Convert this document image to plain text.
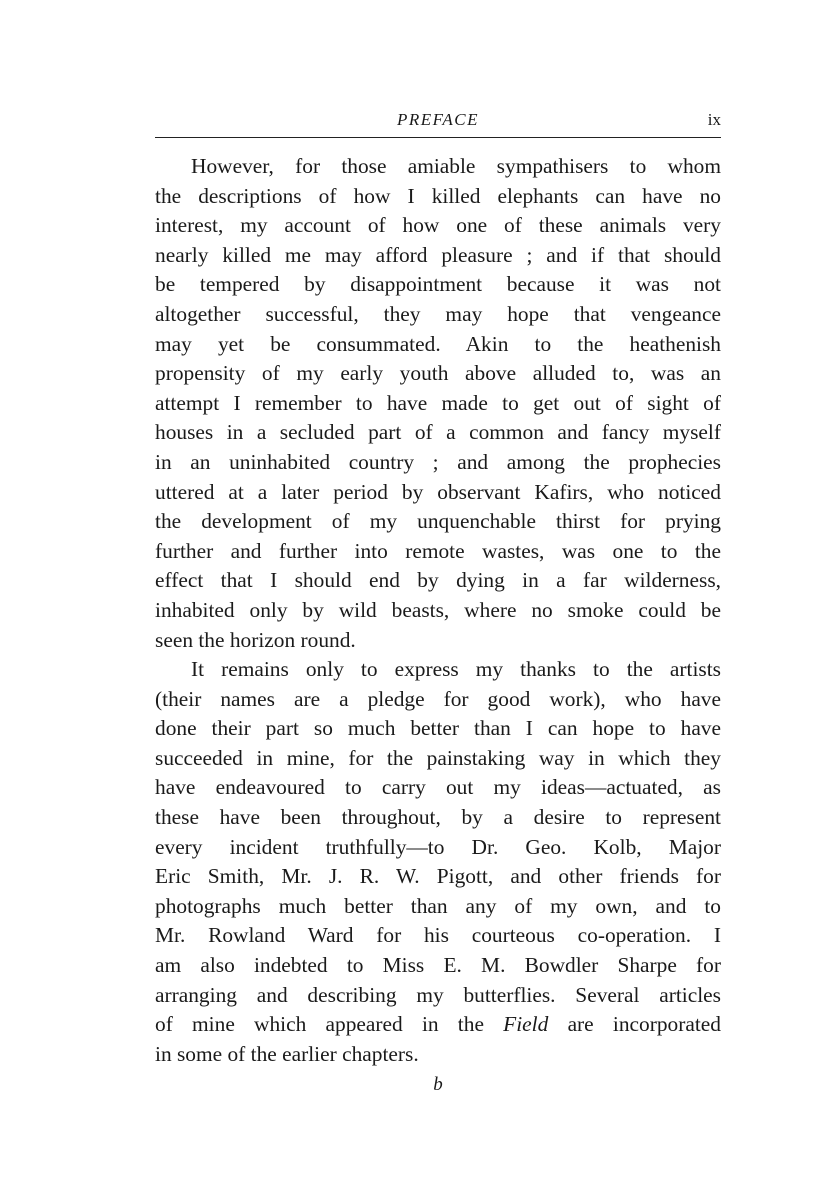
PREFACE	ix
However, for those amiable sympathisers to whom
the descriptions of how I killed elephants can have no
interest, my account of how one of these animals very
nearly killed me may afford pleasure ; and if that should
be tempered by disappointment because it was not
altogether successful, they may hope that vengeance
may yet be consummated. Akin to the heathenish
propensity of my early youth above alluded to, was an
attempt I remember to have made to get out of sight of
houses in a secluded part of a common and fancy myself
in an uninhabited country ; and among the prophecies
uttered at a later period by observant Kafirs, who noticed
the development of my unquenchable thirst for prying
further and further into remote wastes, was one to the
effect that I should end by dying in a far wilderness,
inhabited only by wild beasts, where no smoke could be
seen the horizon round.
It remains only to express my thanks to the artists
(their names are a pledge for good work), who have
done their part so much better than I can hope to have
succeeded in mine, for the painstaking way in which they
have endeavoured to carry out my ideas—actuated, as
these have been throughout, by a desire to represent
every incident truthfully—to Dr. Geo. Kolb, Major
Eric Smith, Mr. J. R. W. Pigott, and other friends for
photographs much better than any of my own, and to
Mr. Rowland Ward for his courteous co-operation. I
am also indebted to Miss E. M. Bowdler Sharpe for
arranging and describing my butterflies. Several articles
of mine which appeared in the Field are incorporated
in some of the earlier chapters.
b
